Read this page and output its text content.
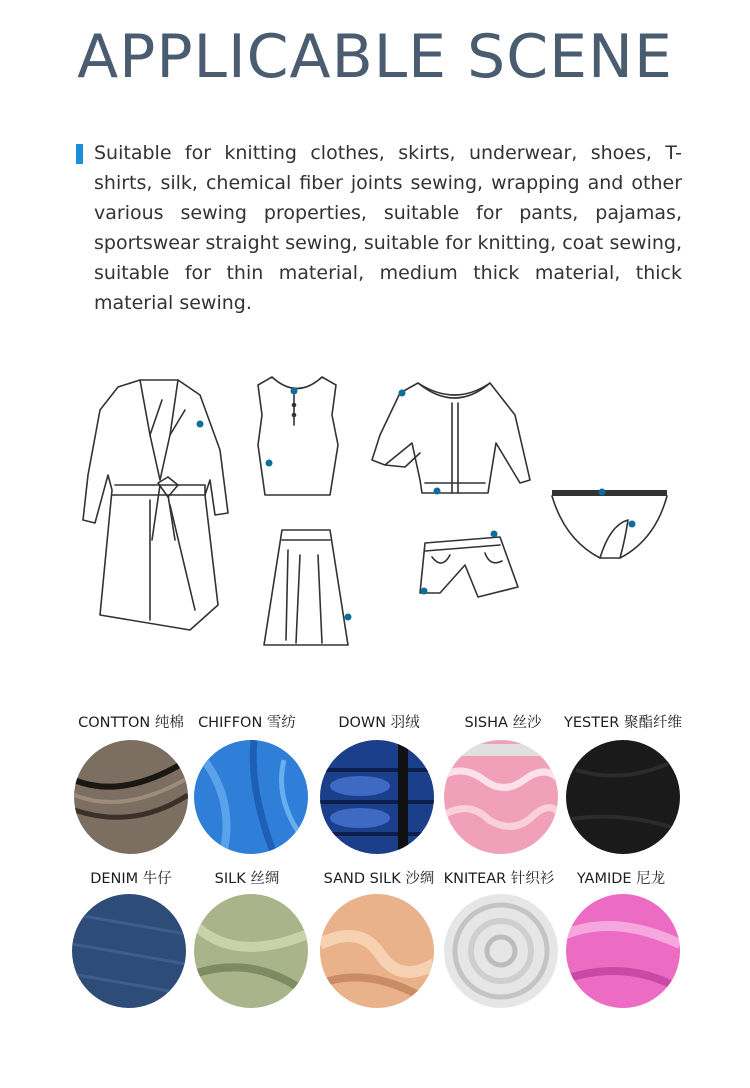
APPLICABLE SCENE
Suitable for knitting clothes, skirts, underwear, shoes, T-shirts, silk, chemical fiber joints sewing, wrapping and other various sewing properties, suitable for pants, pajamas, sportswear straight sewing, suitable for knitting, coat sewing, suitable for thin material, medium thick material, thick material sewing.
CONTTON 纯棉 CHIFFON 雪纺	DOWN 羽绒	SISHA 丝沙	YESTER 聚酯纤维
DENIM 牛仔	SILK 丝绸	SAND SILK 沙绸 KNITEAR 针织衫	YAMIDE 尼龙
